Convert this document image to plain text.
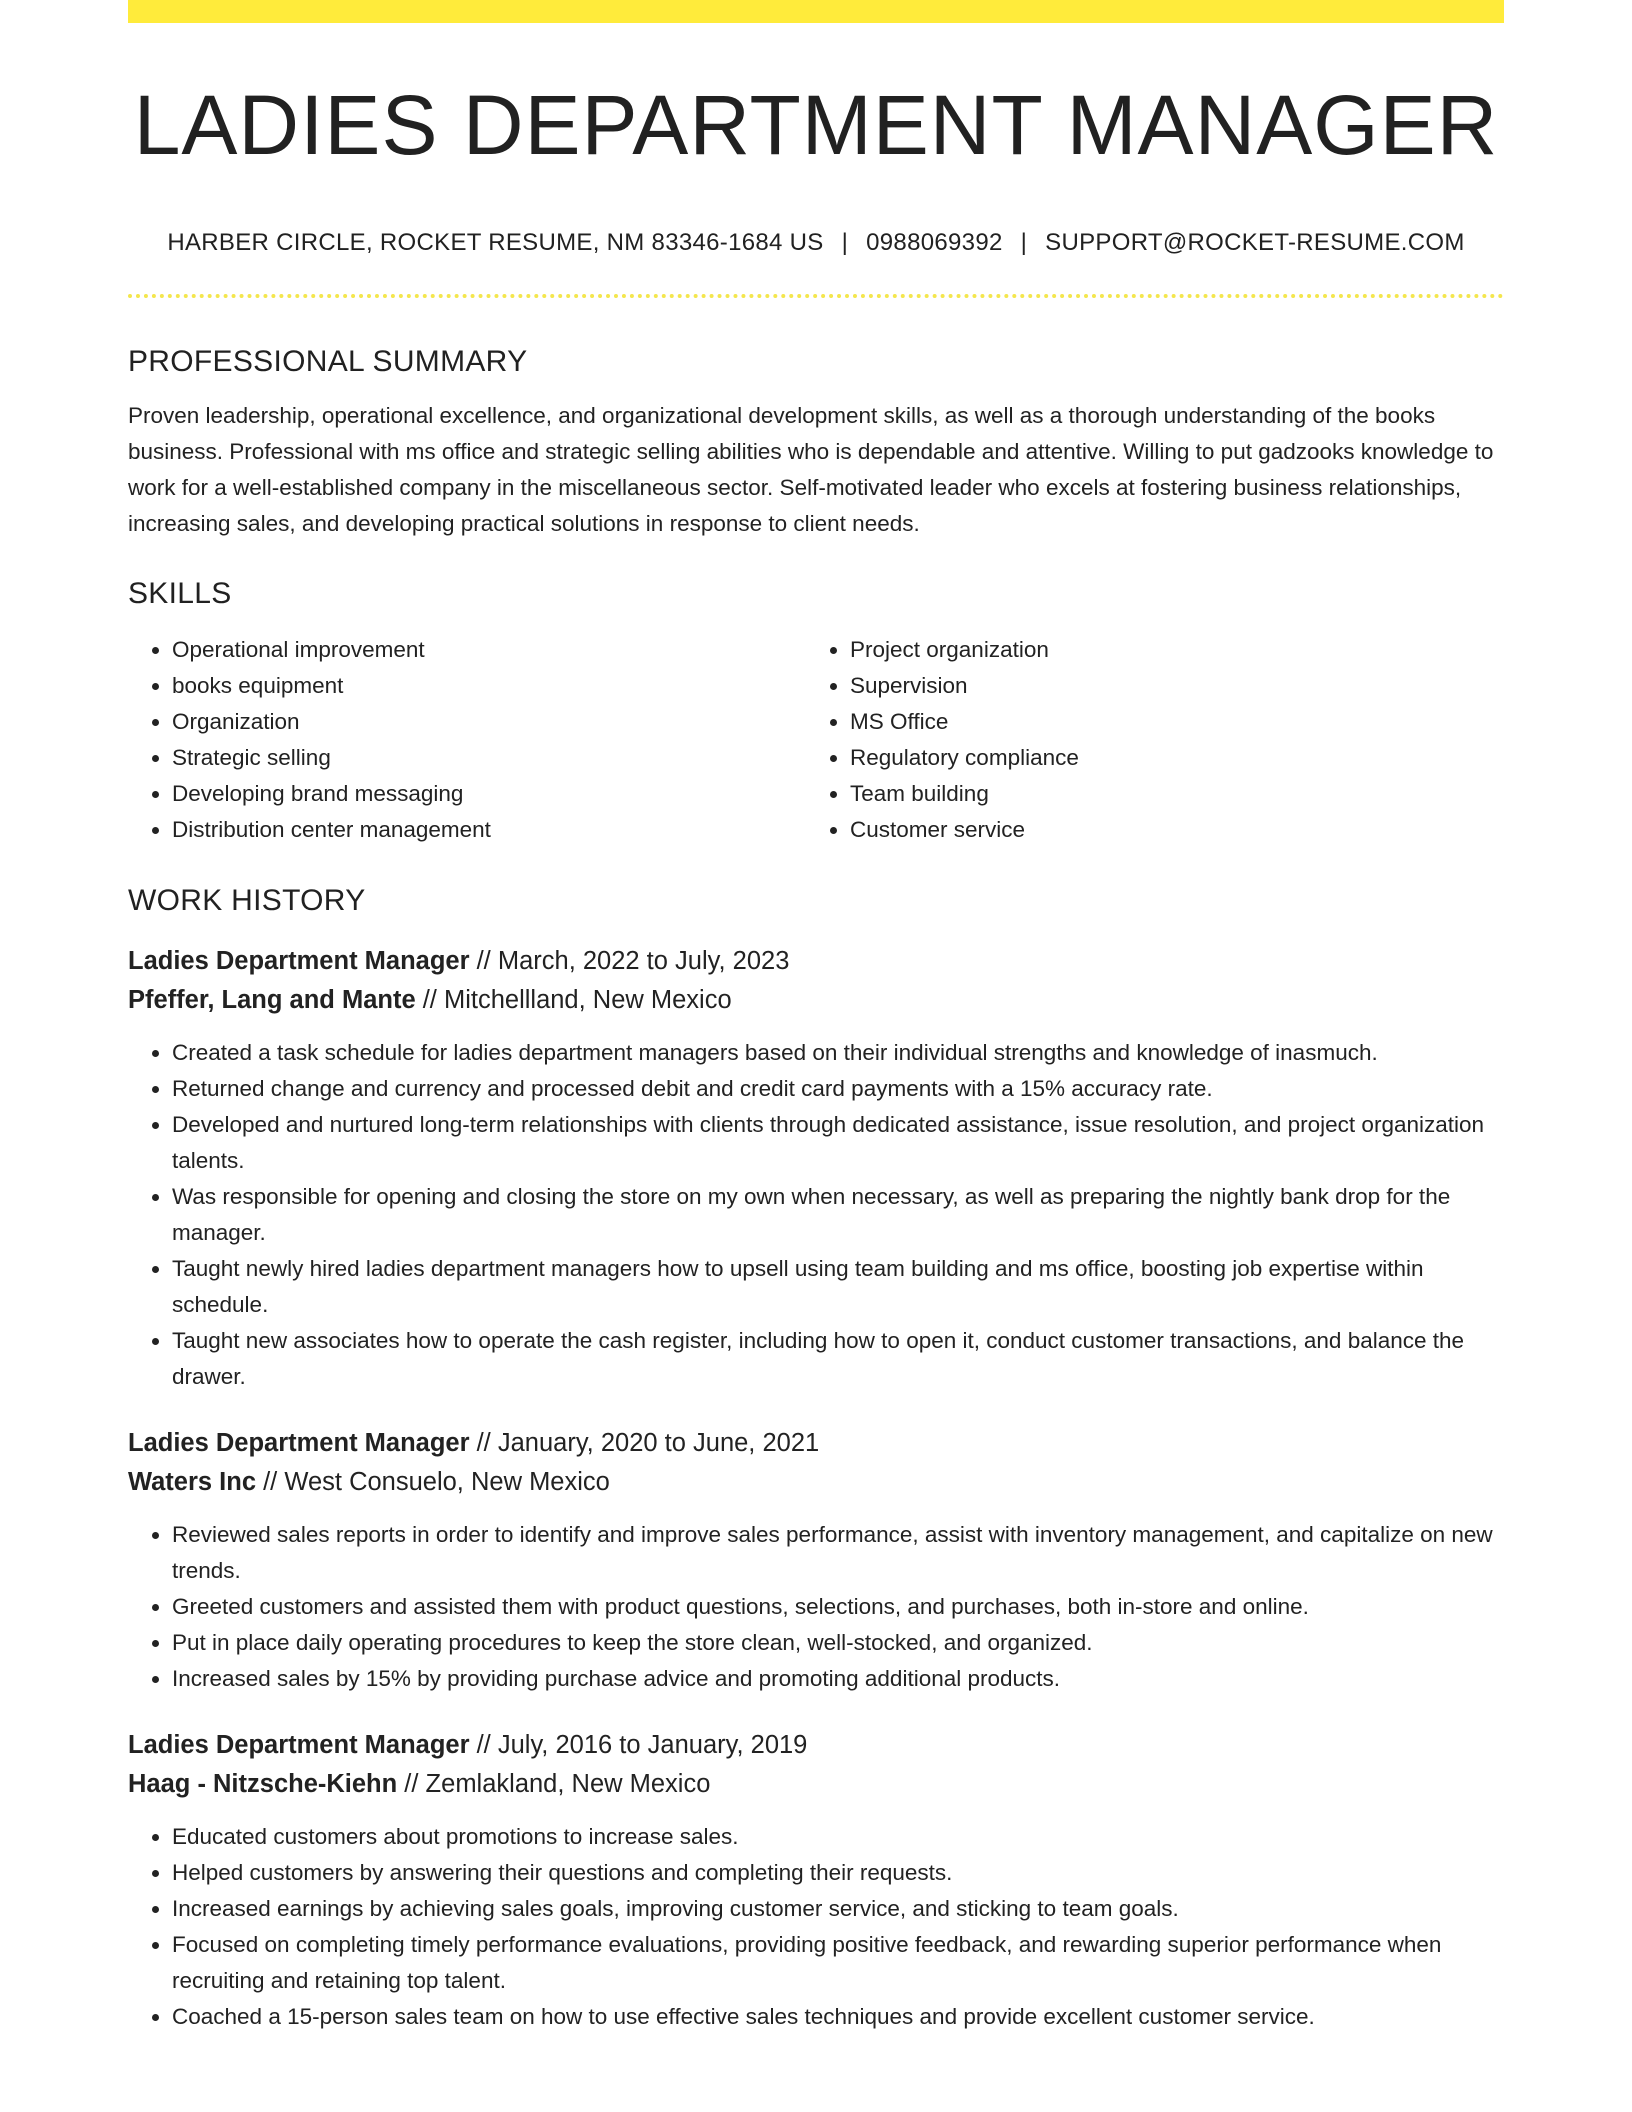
LADIES DEPARTMENT MANAGER
HARBER CIRCLE, ROCKET RESUME, NM 83346-1684 US | 0988069392 | SUPPORT@ROCKET-RESUME.COM
PROFESSIONAL SUMMARY
Proven leadership, operational excellence, and organizational development skills, as well as a thorough understanding of the books business. Professional with ms office and strategic selling abilities who is dependable and attentive. Willing to put gadzooks knowledge to work for a well-established company in the miscellaneous sector. Self-motivated leader who excels at fostering business relationships, increasing sales, and developing practical solutions in response to client needs.
SKILLS
• Operational improvement
• books equipment
• Organization
• Strategic selling
• Developing brand messaging
• Distribution center management
• Project organization
• Supervision
• MS Office
• Regulatory compliance
• Team building
• Customer service
WORK HISTORY
Ladies Department Manager // March, 2022 to July, 2023
Pfeffer, Lang and Mante // Mitchellland, New Mexico
• Created a task schedule for ladies department managers based on their individual strengths and knowledge of inasmuch.
• Returned change and currency and processed debit and credit card payments with a 15% accuracy rate.
• Developed and nurtured long-term relationships with clients through dedicated assistance, issue resolution, and project organization talents.
• Was responsible for opening and closing the store on my own when necessary, as well as preparing the nightly bank drop for the manager.
• Taught newly hired ladies department managers how to upsell using team building and ms office, boosting job expertise within schedule.
• Taught new associates how to operate the cash register, including how to open it, conduct customer transactions, and balance the drawer.
Ladies Department Manager // January, 2020 to June, 2021
Waters Inc // West Consuelo, New Mexico
• Reviewed sales reports in order to identify and improve sales performance, assist with inventory management, and capitalize on new trends.
• Greeted customers and assisted them with product questions, selections, and purchases, both in-store and online.
• Put in place daily operating procedures to keep the store clean, well-stocked, and organized.
• Increased sales by 15% by providing purchase advice and promoting additional products.
Ladies Department Manager // July, 2016 to January, 2019
Haag - Nitzsche-Kiehn // Zemlakland, New Mexico
• Educated customers about promotions to increase sales.
• Helped customers by answering their questions and completing their requests.
• Increased earnings by achieving sales goals, improving customer service, and sticking to team goals.
• Focused on completing timely performance evaluations, providing positive feedback, and rewarding superior performance when recruiting and retaining top talent.
• Coached a 15-person sales team on how to use effective sales techniques and provide excellent customer service.
